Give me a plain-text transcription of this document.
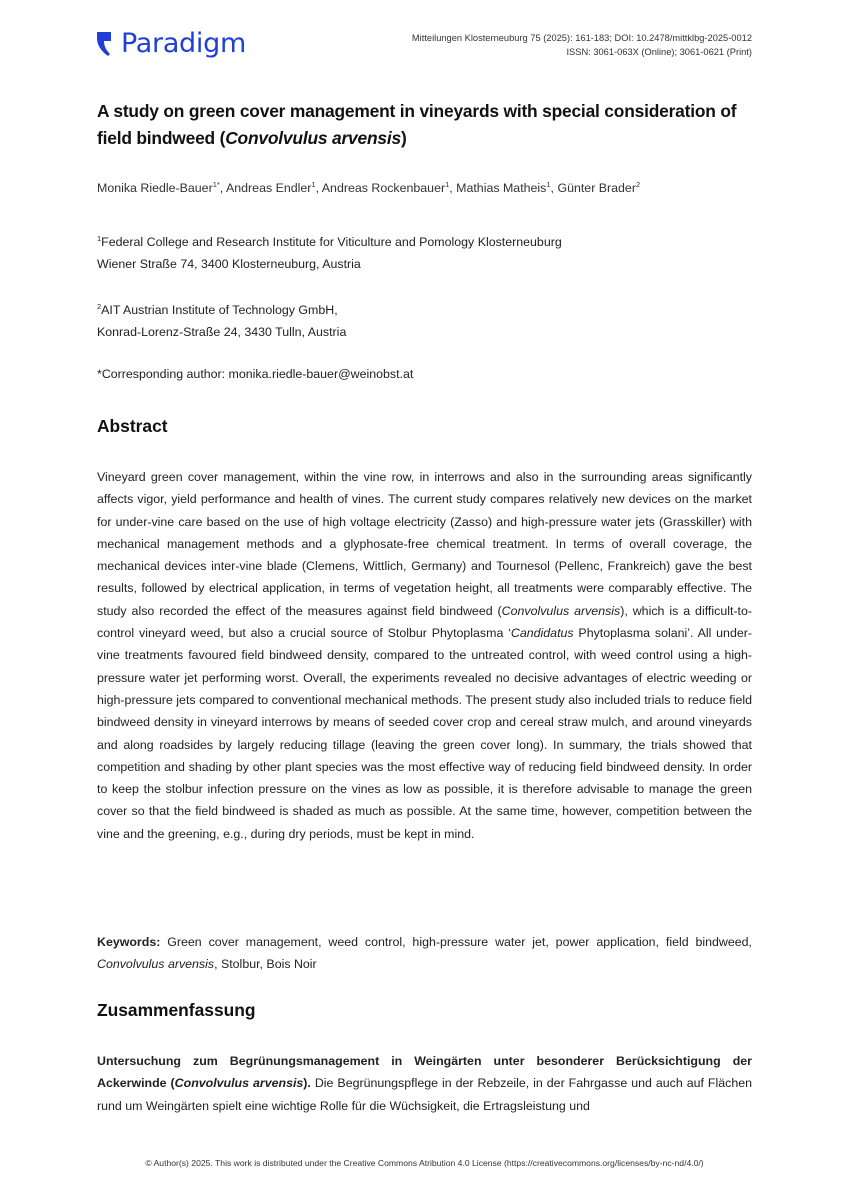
Paradigm	Mitteilungen Klosterneuburg 75 (2025): 161-183; DOI: 10.2478/mittklbg-2025-0012
ISSN: 3061-063X (Online); 3061-0621 (Print)
A study on green cover management in vineyards with special consideration of field bindweed (Convolvulus arvensis)
Monika Riedle-Bauer$^{1*}$, Andreas Endler$^1$, Andreas Rockenbauer$^1$, Mathias Matheis$^1$, Günter Brader$^2$
$^1$Federal College and Research Institute for Viticulture and Pomology Klosterneuburg
Wiener Straße 74, 3400 Klosterneuburg, Austria
$^2$AIT Austrian Institute of Technology GmbH,
Konrad-Lorenz-Straße 24, 3430 Tulln, Austria
*Corresponding author: monika.riedle-bauer@weinobst.at
Abstract
Vineyard green cover management, within the vine row, in interrows and also in the surrounding areas significantly affects vigor, yield performance and health of vines. The current study compares relatively new devices on the market for under-vine care based on the use of high voltage electricity (Zasso) and high-pressure water jets (Grasskiller) with mechanical management methods and a glyphosate-free chemical treatment. In terms of overall coverage, the mechanical devices inter-vine blade (Clemens, Wittlich, Germany) and Tournesol (Pellenc, Frankreich) gave the best results, followed by electrical application, in terms of vegetation height, all treatments were comparably effective. The study also recorded the effect of the measures against field bindweed (Convolvulus arvensis), which is a difficult-to-control vineyard weed, but also a crucial source of Stolbur Phytoplasma ‘Candidatus Phytoplasma solani’. All under-vine treatments favoured field bindweed density, compared to the untreated control, with weed control using a high-pressure water jet performing worst. Overall, the experiments revealed no decisive advantages of electric weeding or high-pressure jets compared to conventional mechanical methods. The present study also included trials to reduce field bindweed density in vineyard interrows by means of seeded cover crop and cereal straw mulch, and around vineyards and along roadsides by largely reducing tillage (leaving the green cover long). In summary, the trials showed that competition and shading by other plant species was the most effective way of reducing field bindweed density. In order to keep the stolbur infection pressure on the vines as low as possible, it is therefore advisable to manage the green cover so that the field bindweed is shaded as much as possible. At the same time, however, competition between the vine and the greening, e.g., during dry periods, must be kept in mind.
Keywords: Green cover management, weed control, high-pressure water jet, power application, field bindweed, Convolvulus arvensis, Stolbur, Bois Noir
Zusammenfassung
Untersuchung zum Begrünungsmanagement in Weingärten unter besonderer Berücksichtigung der Ackerwinde (Convolvulus arvensis). Die Begrünungspflege in der Rebzeile, in der Fahrgasse und auch auf Flächen rund um Weingärten spielt eine wichtige Rolle für die Wüchsigkeit, die Ertragsleistung und
© Author(s) 2025. This work is distributed under the Creative Commons Atribution 4.0 License (https://creativecommons.org/licenses/by-nc-nd/4.0/)
